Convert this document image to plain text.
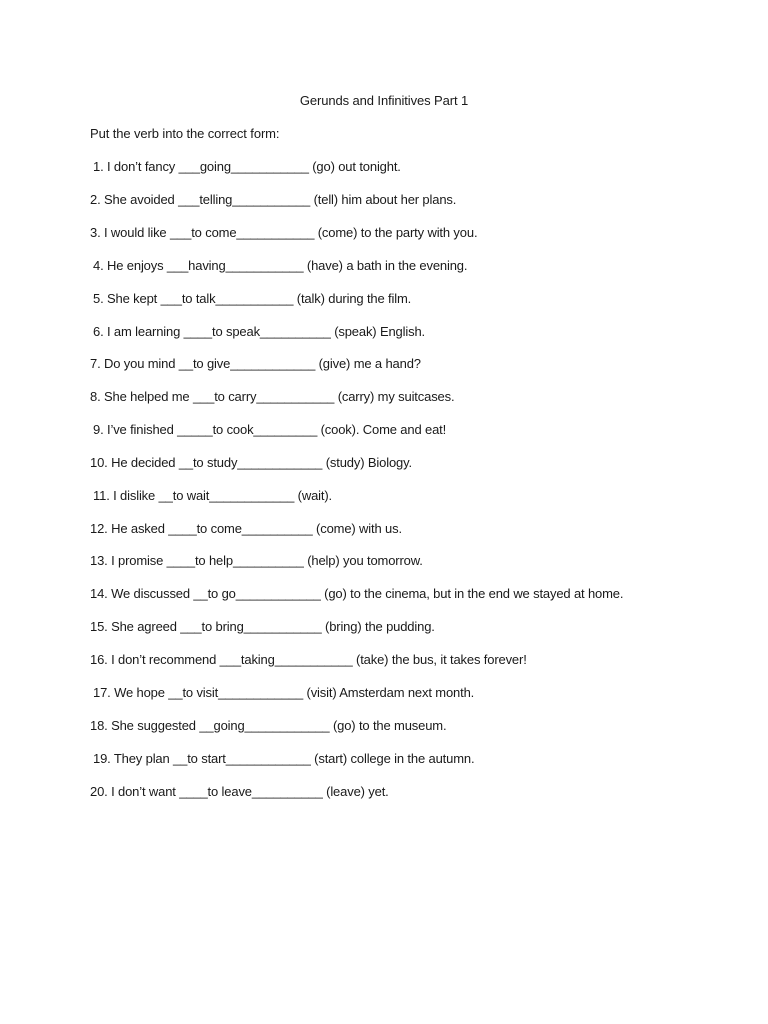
Gerunds and Infinitives Part 1
Put the verb into the correct form:
1. I don’t fancy ___going___________ (go) out tonight.
2. She avoided ___telling___________ (tell) him about her plans.
3. I would like ___to come___________ (come) to the party with you.
4. He enjoys ___having___________ (have) a bath in the evening.
5. She kept ___to talk___________ (talk) during the film.
6. I am learning ____to speak__________ (speak) English.
7. Do you mind __to give____________ (give) me a hand?
8. She helped me ___to carry___________ (carry) my suitcases.
9. I’ve finished _____to cook_________ (cook). Come and eat!
10. He decided __to study____________ (study) Biology.
11. I dislike __to wait____________ (wait).
12. He asked ____to come__________ (come) with us.
13. I promise ____to help__________ (help) you tomorrow.
14. We discussed __to go____________ (go) to the cinema, but in the end we stayed at home.
15. She agreed ___to bring___________ (bring) the pudding.
16. I don’t recommend ___taking___________ (take) the bus, it takes forever!
17. We hope __to visit____________ (visit) Amsterdam next month.
18. She suggested __going____________ (go) to the museum.
19. They plan __to start____________ (start) college in the autumn.
20. I don’t want ____to leave__________ (leave) yet.
